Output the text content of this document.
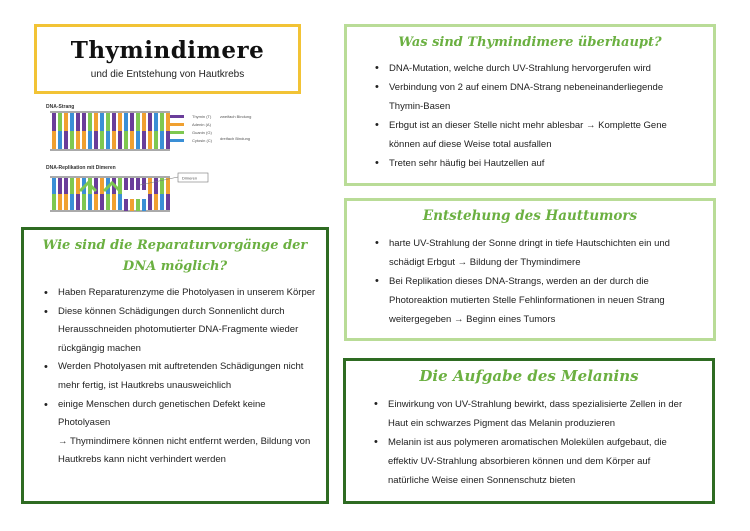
Thymindimere
und die Entstehung von Hautkrebs
DNA-Strang
Thymin (T)
Adenin (A)
Guanin (G)
Cytosin (C)
zweifach Bindung
dreifach Bindung
DNA-Replikation mit Dimeren
Dimeren
Was sind Thymindimere überhaupt?
• DNA-Mutation, welche durch UV-Strahlung hervorgerufen wird
• Verbindung von 2 auf einem DNA-Strang nebeneinanderliegende Thymin-Basen
• Erbgut ist an dieser Stelle nicht mehr ablesbar → Komplette Gene können auf diese Weise total ausfallen
• Treten sehr häufig bei Hautzellen auf
Entstehung des Hauttumors
• harte UV-Strahlung der Sonne dringt in tiefe Hautschichten ein und schädigt Erbgut → Bildung der Thymindimere
• Bei Replikation dieses DNA-Strangs, werden an der durch die Photoreaktion mutierten Stelle Fehlinformationen in neuen Strang weitergegeben → Beginn eines Tumors
Die Aufgabe des Melanins
• Einwirkung von UV-Strahlung bewirkt, dass spezialisierte Zellen in der Haut ein schwarzes Pigment das Melanin produzieren
• Melanin ist aus polymeren aromatischen Molekülen aufgebaut, die effektiv UV-Strahlung absorbieren können und dem Körper auf natürliche Weise einen Sonnenschutz bieten
Wie sind die Reparaturvorgänge der DNA möglich?
• Haben Reparaturenzyme die Photolyasen in unserem Körper
• Diese können Schädigungen durch Sonnenlicht durch Herausschneiden photomutierter DNA-Fragmente wieder rückgängig machen
• Werden Photolyasen mit auftretenden Schädigungen nicht mehr fertig, ist Hautkrebs unausweichlich
• einige Menschen durch genetischen Defekt keine Photolyasen
→ Thymindimere können nicht entfernt werden, Bildung von Hautkrebs kann nicht verhindert werden
